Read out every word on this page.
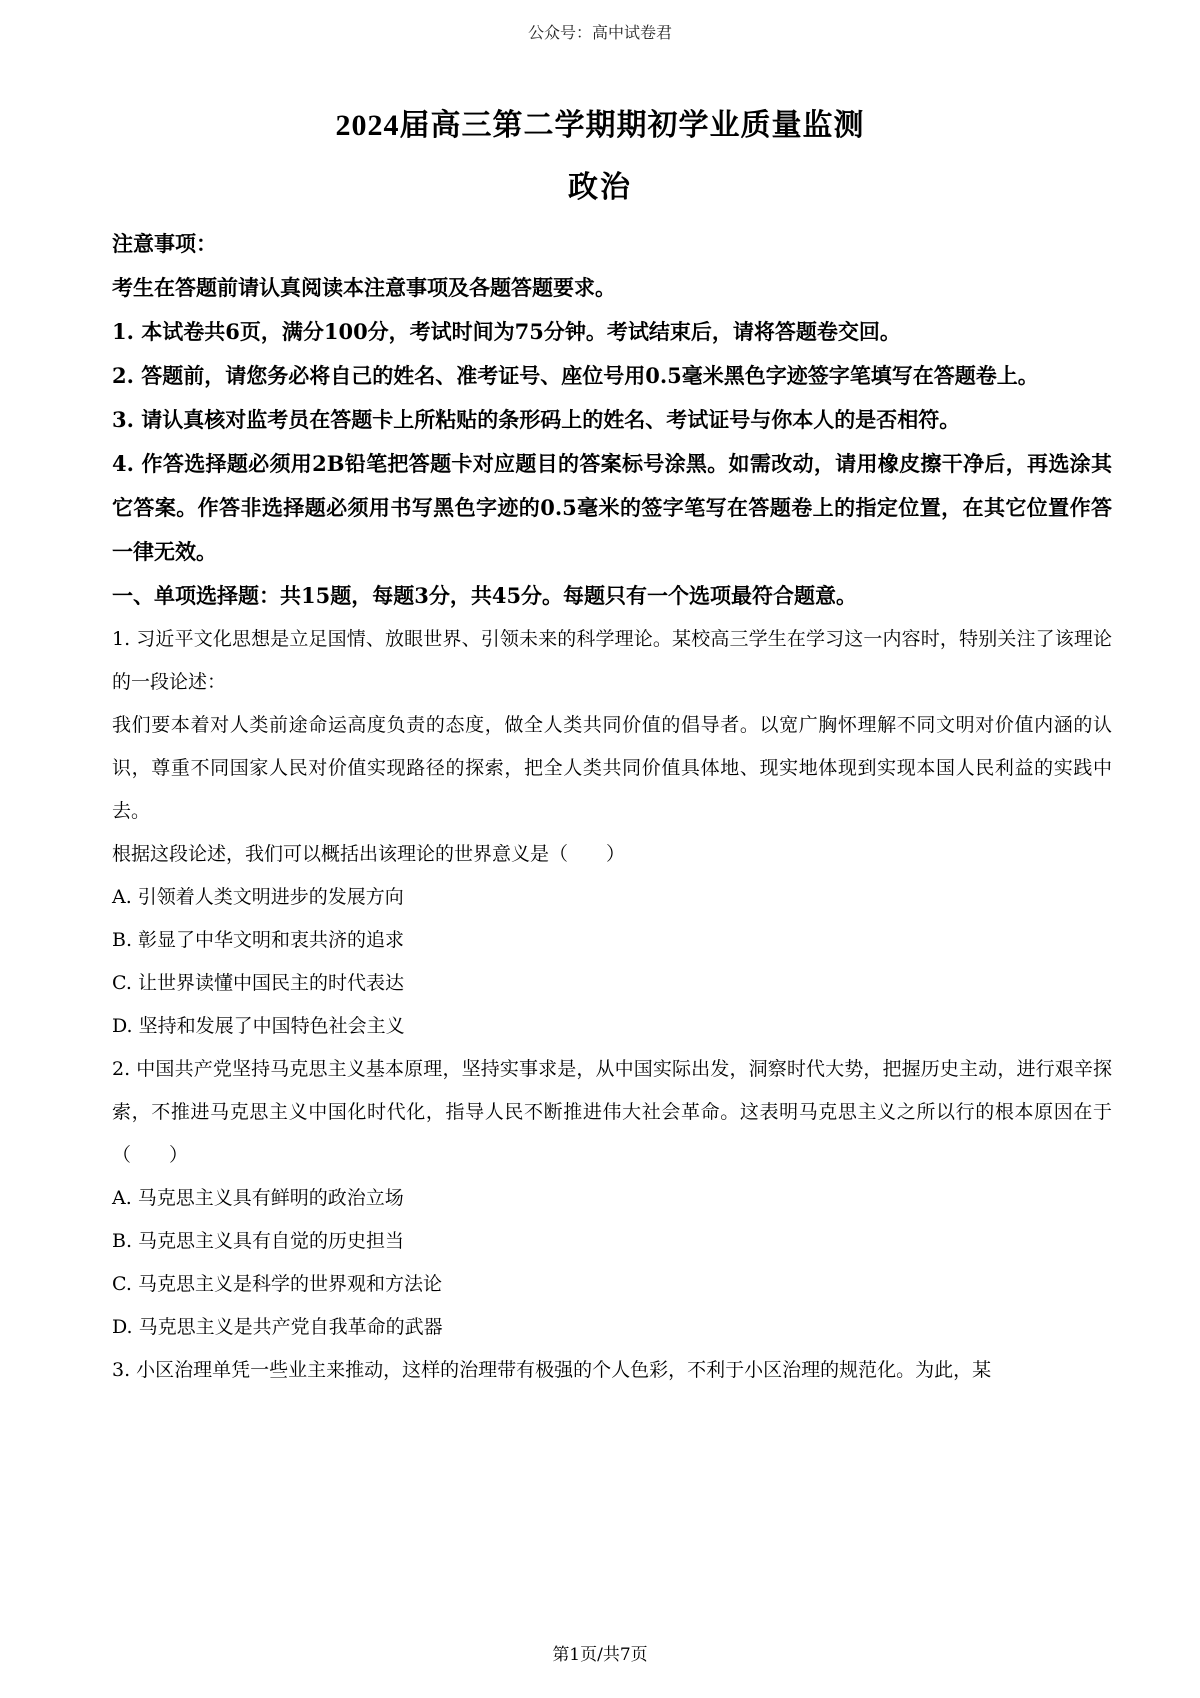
公众号：高中试卷君
2024届高三第二学期期初学业质量监测
政治

注意事项：

考生在答题前请认真阅读本注意事项及各题答题要求。

1. 本试卷共6页，满分100分，考试时间为75分钟。考试结束后，请将答题卷交回。

2. 答题前，请您务必将自己的姓名、准考证号、座位号用0.5毫米黑色字迹签字笔填写在答题卷上。

3. 请认真核对监考员在答题卡上所粘贴的条形码上的姓名、考试证号与你本人的是否相符。

4. 作答选择题必须用2B铅笔把答题卡对应题目的答案标号涂黑。如需改动，请用橡皮擦干净后，再选涂其它答案。作答非选择题必须用书写黑色字迹的0.5毫米的签字笔写在答题卷上的指定位置，在其它位置作答一律无效。

一、单项选择题：共15题，每题3分，共45分。每题只有一个选项最符合题意。

1. 习近平文化思想是立足国情、放眼世界、引领未来的科学理论。某校高三学生在学习这一内容时，特别关注了该理论的一段论述：

我们要本着对人类前途命运高度负责的态度，做全人类共同价值的倡导者。以宽广胸怀理解不同文明对价值内涵的认识，尊重不同国家人民对价值实现路径的探索，把全人类共同价值具体地、现实地体现到实现本国人民利益的实践中去。

根据这段论述，我们可以概括出该理论的世界意义是（　　）

A. 引领着人类文明进步的发展方向

B. 彰显了中华文明和衷共济的追求

C. 让世界读懂中国民主的时代表达

D. 坚持和发展了中国特色社会主义

2. 中国共产党坚持马克思主义基本原理，坚持实事求是，从中国实际出发，洞察时代大势，把握历史主动，进行艰辛探索，不推进马克思主义中国化时代化，指导人民不断推进伟大社会革命。这表明马克思主义之所以行的根本原因在于（　　）

A. 马克思主义具有鲜明的政治立场

B. 马克思主义具有自觉的历史担当

C. 马克思主义是科学的世界观和方法论

D. 马克思主义是共产党自我革命的武器

3. 小区治理单凭一些业主来推动，这样的治理带有极强的个人色彩，不利于小区治理的规范化。为此，某

第1页/共7页
